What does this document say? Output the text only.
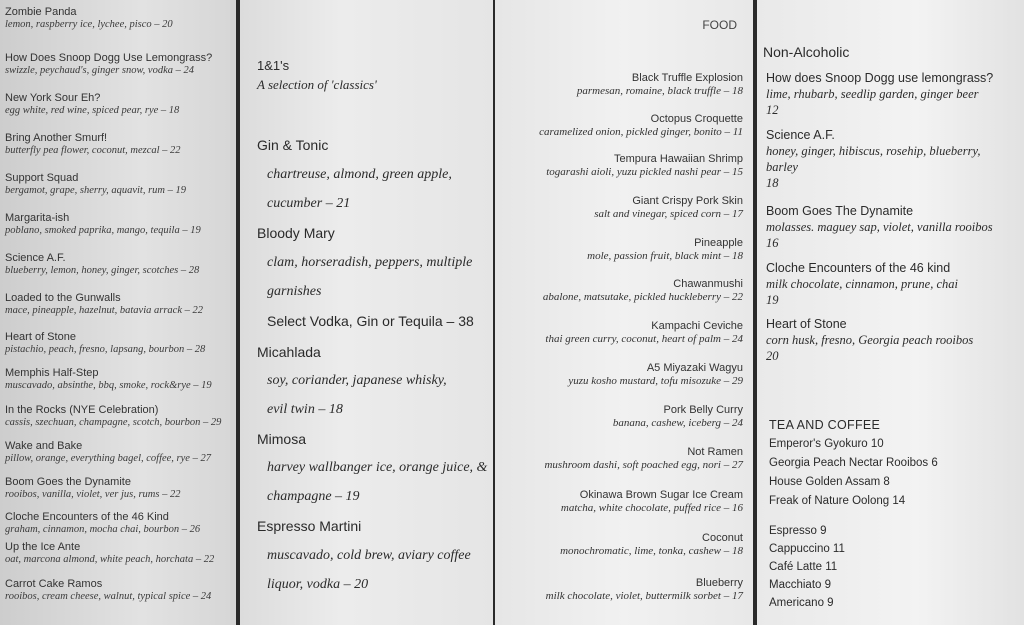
Zombie Panda
lemon, raspberry ice, lychee, pisco – 20
How Does Snoop Dogg Use Lemongrass?
swizzle, peychaud's, ginger snow, vodka – 24
New York Sour Eh?
egg white, red wine, spiced pear, rye – 18
Bring Another Smurf!
butterfly pea flower, coconut, mezcal – 22
Support Squad
bergamot, grape, sherry, aquavit, rum – 19
Margarita-ish
poblano, smoked paprika, mango, tequila – 19
Science A.F.
blueberry, lemon, honey, ginger, scotches – 28
Loaded to the Gunwalls
mace, pineapple, hazelnut, batavia arrack – 22
Heart of Stone
pistachio, peach, fresno, lapsang, bourbon – 28
Memphis Half-Step
muscavado, absinthe, bbq, smoke, rock&rye – 19
In the Rocks (NYE Celebration)
cassis, szechuan, champagne, scotch, bourbon – 29
Wake and Bake
pillow, orange, everything bagel, coffee, rye – 27
Boom Goes the Dynamite
rooibos, vanilla, violet, ver jus, rums – 22
Cloche Encounters of the 46 Kind
graham, cinnamon, mocha chai, bourbon – 26
Up the Ice Ante
oat, marcona almond, white peach, horchata – 22
Carrot Cake Ramos
rooibos, cream cheese, walnut, typical spice – 24
1&1's
A selection of 'classics'
Gin & Tonic
chartreuse, almond, green apple,
cucumber – 21
Bloody Mary
clam, horseradish, peppers, multiple
garnishes
Select Vodka, Gin or Tequila – 38
Micahlada
soy, coriander, japanese whisky,
evil twin – 18
Mimosa
harvey wallbanger ice, orange juice, &
champagne – 19
Espresso Martini
muscavado, cold brew, aviary coffee
liquor, vodka – 20
FOOD
Black Truffle Explosion
parmesan, romaine, black truffle – 18
Octopus Croquette
caramelized onion, pickled ginger, bonito – 11
Tempura Hawaiian Shrimp
togarashi aioli, yuzu pickled nashi pear – 15
Giant Crispy Pork Skin
salt and vinegar, spiced corn – 17
Pineapple
mole, passion fruit, black mint – 18
Chawanmushi
abalone, matsutake, pickled huckleberry – 22
Kampachi Ceviche
thai green curry, coconut, heart of palm – 24
A5 Miyazaki Wagyu
yuzu kosho mustard, tofu misozuke – 29
Pork Belly Curry
banana, cashew, iceberg – 24
Not Ramen
mushroom dashi, soft poached egg, nori – 27
Okinawa Brown Sugar Ice Cream
matcha, white chocolate, puffed rice – 16
Coconut
monochromatic, lime, tonka, cashew – 18
Blueberry
milk chocolate, violet, buttermilk sorbet – 17
Non-Alcoholic
How does Snoop Dogg use lemongrass?
lime, rhubarb, seedlip garden, ginger beer
12
Science A.F.
honey, ginger, hibiscus, rosehip, blueberry, barley
18
Boom Goes The Dynamite
molasses. maguey sap, violet, vanilla rooibos
16
Cloche Encounters of the 46 kind
milk chocolate, cinnamon, prune, chai
19
Heart of Stone
corn husk, fresno, Georgia peach rooibos
20
TEA AND COFFEE
Emperor's Gyokuro 10
Georgia Peach Nectar Rooibos 6
House Golden Assam 8
Freak of Nature Oolong 14
Espresso 9
Cappuccino 11
Café Latte 11
Macchiato 9
Americano 9
